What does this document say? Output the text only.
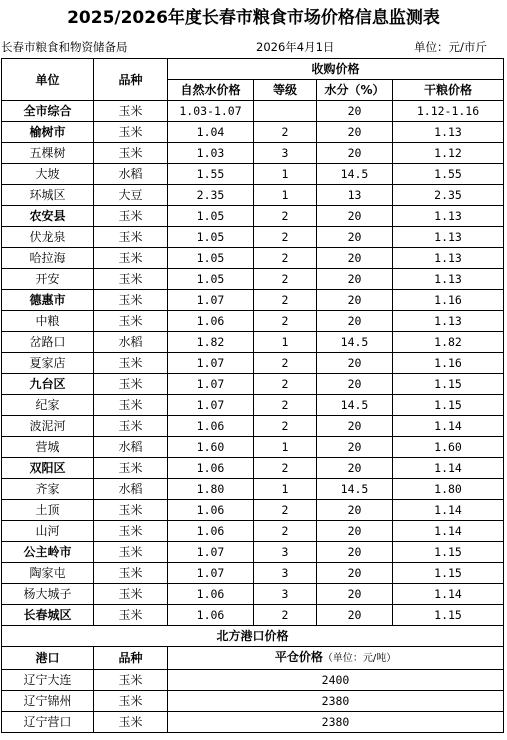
2025/2026年度长春市粮食市场价格信息监测表
长春市粮食和物资储备局	2026年4月1日	单位：元/市斤
单位	品种	收购价格			
		自然水价格	等级	水分（%）	干粮价格
全市综合	玉米	1.03-1.07		20	1.12-1.16
榆树市	玉米	1.04	2	20	1.13
五棵树	玉米	1.03	3	20	1.12
大坡	水稻	1.55	1	14.5	1.55
环城区	大豆	2.35	1	13	2.35
农安县	玉米	1.05	2	20	1.13
伏龙泉	玉米	1.05	2	20	1.13
哈拉海	玉米	1.05	2	20	1.13
开安	玉米	1.05	2	20	1.13
德惠市	玉米	1.07	2	20	1.16
中粮	玉米	1.06	2	20	1.13
岔路口	水稻	1.82	1	14.5	1.82
夏家店	玉米	1.07	2	20	1.16
九台区	玉米	1.07	2	20	1.15
纪家	玉米	1.07	2	14.5	1.15
波泥河	玉米	1.06	2	20	1.14
营城	水稻	1.60	1	20	1.60
双阳区	玉米	1.06	2	20	1.14
齐家	水稻	1.80	1	14.5	1.80
土顶	玉米	1.06	2	20	1.14
山河	玉米	1.06	2	20	1.14
公主岭市	玉米	1.07	3	20	1.15
陶家屯	玉米	1.07	3	20	1.15
杨大城子	玉米	1.06	3	20	1.14
长春城区	玉米	1.06	2	20	1.15
北方港口价格					
港口	品种	平仓价格（单位：元/吨）			
辽宁大连	玉米	2400			
辽宁锦州	玉米	2380			
辽宁营口	玉米	2380			
